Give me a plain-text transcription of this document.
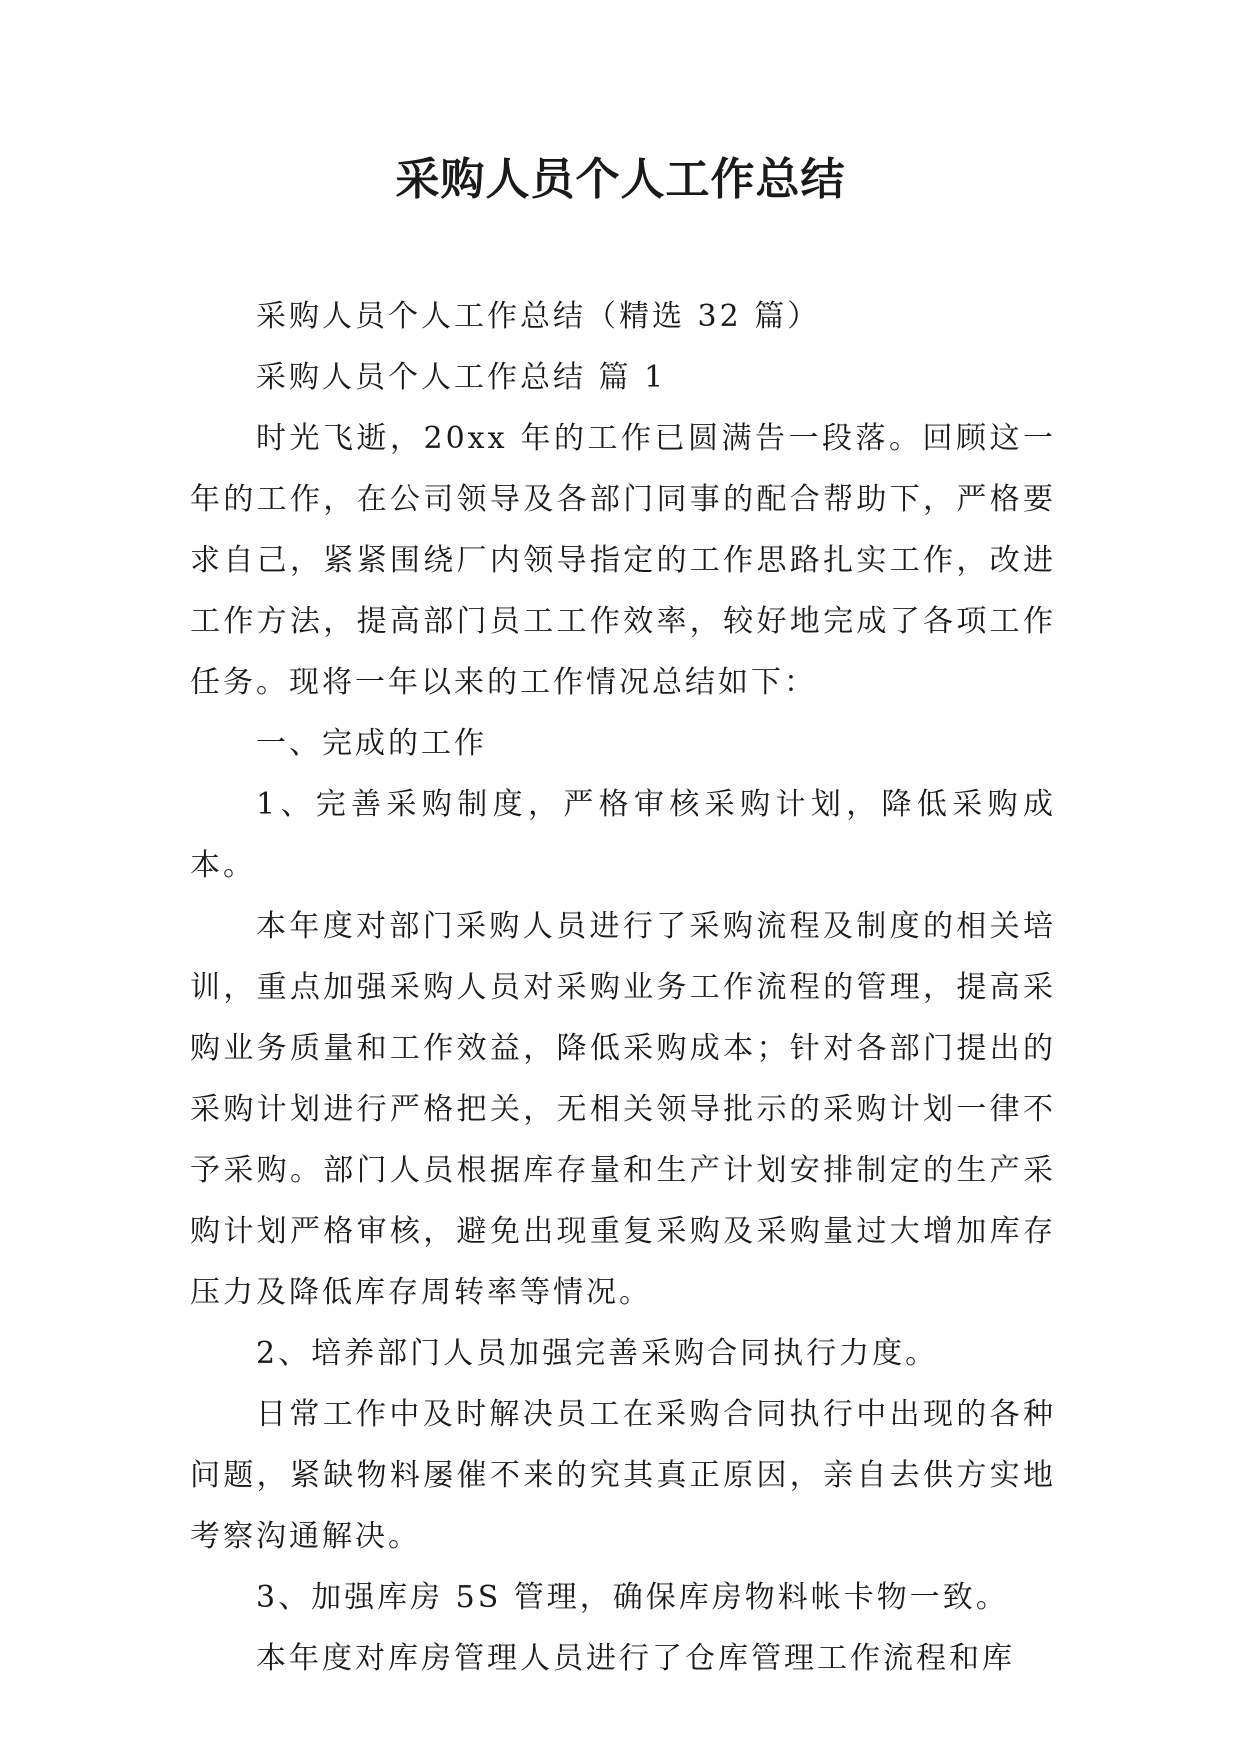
采购人员个人工作总结

采购人员个人工作总结（精选 32 篇）

采购人员个人工作总结 篇 1

时光飞逝，20xx 年的工作已圆满告一段落。回顾这一年的工作，在公司领导及各部门同事的配合帮助下，严格要求自己，紧紧围绕厂内领导指定的工作思路扎实工作，改进工作方法，提高部门员工工作效率，较好地完成了各项工作任务。现将一年以来的工作情况总结如下：

一、完成的工作

1、完善采购制度，严格审核采购计划，降低采购成本。

本年度对部门采购人员进行了采购流程及制度的相关培训，重点加强采购人员对采购业务工作流程的管理，提高采购业务质量和工作效益，降低采购成本；针对各部门提出的采购计划进行严格把关，无相关领导批示的采购计划一律不予采购。部门人员根据库存量和生产计划安排制定的生产采购计划严格审核，避免出现重复采购及采购量过大增加库存压力及降低库存周转率等情况。

2、培养部门人员加强完善采购合同执行力度。

日常工作中及时解决员工在采购合同执行中出现的各种问题，紧缺物料屡催不来的究其真正原因，亲自去供方实地考察沟通解决。

3、加强库房 5S 管理，确保库房物料帐卡物一致。

本年度对库房管理人员进行了仓库管理工作流程和库
